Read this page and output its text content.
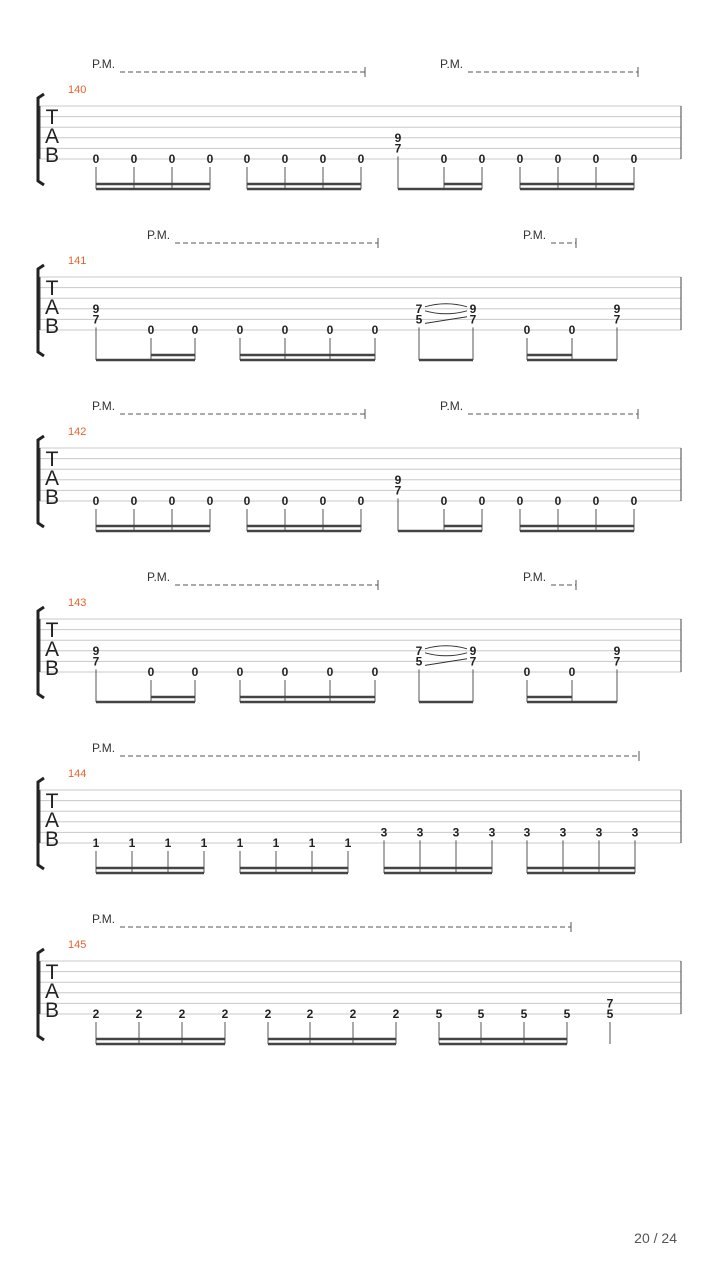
P.M.	P.M.
140
T
A
B	0	0	0	0	0	0	0	0
9
7
0	0	0	0	0	0
P.M.	P.M.
141
T
A
B
9
7
0	0	0	0	0	0
7
5
9
7
0	0
9
7
P.M.	P.M.
142
T
A
B	0	0	0	0	0	0	0	0
9
7
0	0	0	0	0	0
P.M.	P.M.
143
T
A
B
9
7
0	0	0	0	0	0
7
5
9
7
0	0
9
7
P.M.
144
T
A
B	1 1 1 1 1 1 1 1
3 3 3 3 3 3 3 3
P.M.
145
T
A
B	2	2	2	2	2	2	2	2	5	5	5	5
7
5
20 / 24
